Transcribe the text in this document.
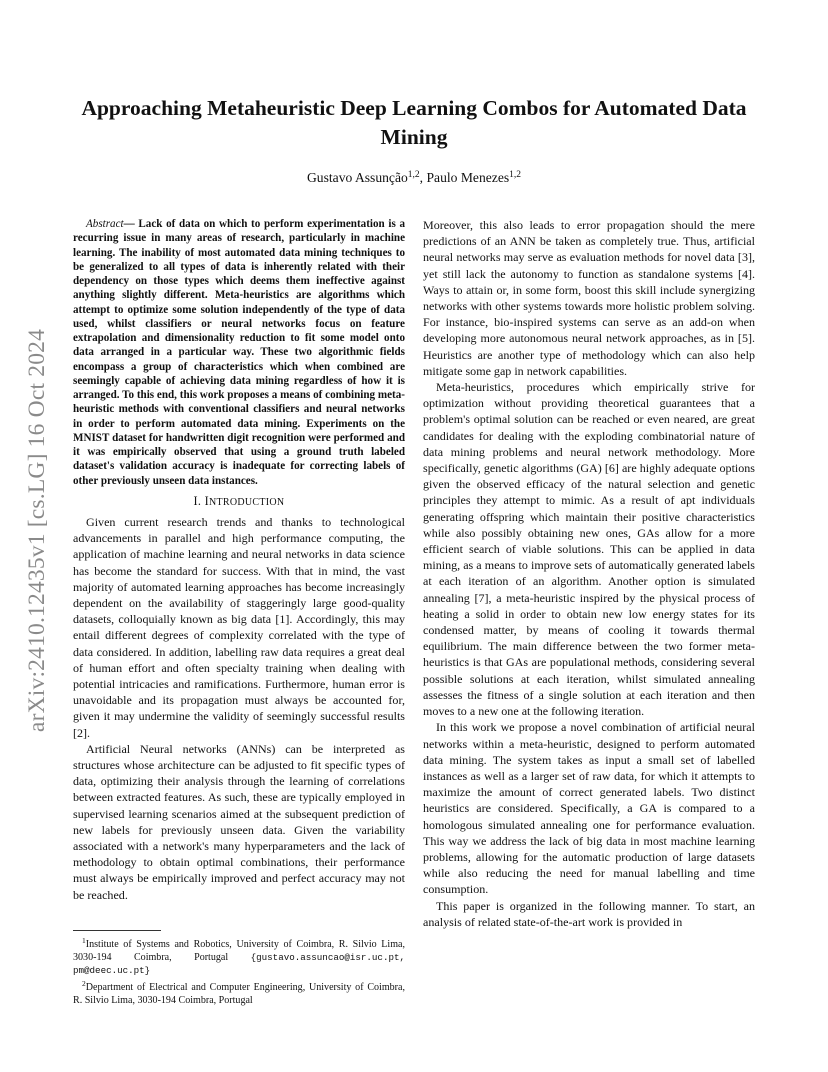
arXiv:2410.12435v1 [cs.LG] 16 Oct 2024
Approaching Metaheuristic Deep Learning Combos for Automated Data Mining
Gustavo Assunção$^{1,2}$, Paulo Menezes$^{1,2}$

Abstract— Lack of data on which to perform experimentation is a recurring issue in many areas of research, particularly in machine learning. The inability of most automated data mining techniques to be generalized to all types of data is inherently related with their dependency on those types which deems them ineffective against anything slightly different. Meta-heuristics are algorithms which attempt to optimize some solution independently of the type of data used, whilst classifiers or neural networks focus on feature extrapolation and dimensionality reduction to fit some model onto data arranged in a particular way. These two algorithmic fields encompass a group of characteristics which when combined are seemingly capable of achieving data mining regardless of how it is arranged. To this end, this work proposes a means of combining meta-heuristic methods with conventional classifiers and neural networks in order to perform automated data mining. Experiments on the MNIST dataset for handwritten digit recognition were performed and it was empirically observed that using a ground truth labeled dataset's validation accuracy is inadequate for correcting labels of other previously unseen data instances.

I. INTRODUCTION

Given current research trends and thanks to technological advancements in parallel and high performance computing, the application of machine learning and neural networks in data science has become the standard for success. With that in mind, the vast majority of automated learning approaches has become increasingly dependent on the availability of staggeringly large good-quality datasets, colloquially known as big data [1]. Accordingly, this may entail different degrees of complexity correlated with the type of data considered. In addition, labelling raw data requires a great deal of human effort and often specialty training when dealing with potential intricacies and ramifications. Furthermore, human error is unavoidable and its propagation must always be accounted for, given it may undermine the validity of seemingly successful results [2].

Artificial Neural networks (ANNs) can be interpreted as structures whose architecture can be adjusted to fit specific types of data, optimizing their analysis through the learning of correlations between extracted features. As such, these are typically employed in supervised learning scenarios aimed at the subsequent prediction of new labels for previously unseen data. Given the variability associated with a network's many hyperparameters and the lack of methodology to obtain optimal combinations, their performance must always be empirically improved and perfect accuracy may not be reached.

$^1$Institute of Systems and Robotics, University of Coimbra, R. Silvio Lima, 3030-194 Coimbra, Portugal {gustavo.assuncao@isr.uc.pt, pm@deec.uc.pt}

$^2$Department of Electrical and Computer Engineering, University of Coimbra, R. Silvio Lima, 3030-194 Coimbra, Portugal

Moreover, this also leads to error propagation should the mere predictions of an ANN be taken as completely true. Thus, artificial neural networks may serve as evaluation methods for novel data [3], yet still lack the autonomy to function as standalone systems [4]. Ways to attain or, in some form, boost this skill include synergizing networks with other systems towards more holistic problem solving. For instance, bio-inspired systems can serve as an add-on when developing more autonomous neural network approaches, as in [5]. Heuristics are another type of methodology which can also help mitigate some gap in network capabilities.

Meta-heuristics, procedures which empirically strive for optimization without providing theoretical guarantees that a problem's optimal solution can be reached or even neared, are great candidates for dealing with the exploding combinatorial nature of data mining problems and neural network methodology. More specifically, genetic algorithms (GA) [6] are highly adequate options given the observed efficacy of the natural selection and genetic principles they attempt to mimic. As a result of apt individuals generating offspring which maintain their positive characteristics while also possibly obtaining new ones, GAs allow for a more efficient search of viable solutions. This can be applied in data mining, as a means to improve sets of automatically generated labels at each iteration of an algorithm. Another option is simulated annealing [7], a meta-heuristic inspired by the physical process of heating a solid in order to obtain new low energy states for its condensed matter, by means of cooling it towards thermal equilibrium. The main difference between the two former meta-heuristics is that GAs are populational methods, considering several possible solutions at each iteration, whilst simulated annealing assesses the fitness of a single solution at each iteration and then moves to a new one at the following iteration.

In this work we propose a novel combination of artificial neural networks within a meta-heuristic, designed to perform automated data mining. The system takes as input a small set of labelled instances as well as a larger set of raw data, for which it attempts to maximize the amount of correct generated labels. Two distinct heuristics are considered. Specifically, a GA is compared to a homologous simulated annealing one for performance evaluation. This way we address the lack of big data in most machine learning problems, allowing for the automatic production of large datasets while also reducing the need for manual labelling and time consumption.

This paper is organized in the following manner. To start, an analysis of related state-of-the-art work is provided in
